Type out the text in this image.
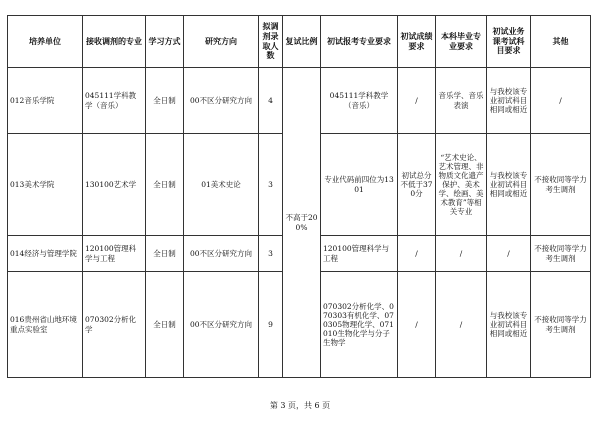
培养单位	接收调剂的专业	学习方式	研究方向	拟调剂录取人数	复试比例	初试报考专业要求	初试成绩要求	本科毕业专业要求	初试业务课考试科目要求	其他
012音乐学院	045111学科教学（音乐）	全日制	00不区分研究方向	4	不高于200%	045111学科教学（音乐）	/	音乐学、音乐表演	与我校该专业初试科目相同或相近	/
013美术学院	130100艺术学	全日制	01美术史论	3		专业代码前四位为1301	初试总分不低于370分	“艺术史论、艺术管理、非物质文化遗产保护、美术学、绘画、美术教育”等相关专业	与我校该专业初试科目相同或相近	不接收同等学力考生调剂
014经济与管理学院	120100管理科学与工程	全日制	00不区分研究方向	3		120100管理科学与工程	/	/	/	不接收同等学力考生调剂
016贵州省山地环境重点实验室	070302分析化学	全日制	00不区分研究方向	9		070302分析化学、070303有机化学、070305物理化学、071010生物化学与分子生物学	/	/	与我校该专业初试科目相同或相近	不接收同等学力考生调剂
第 3 页，共 6 页
